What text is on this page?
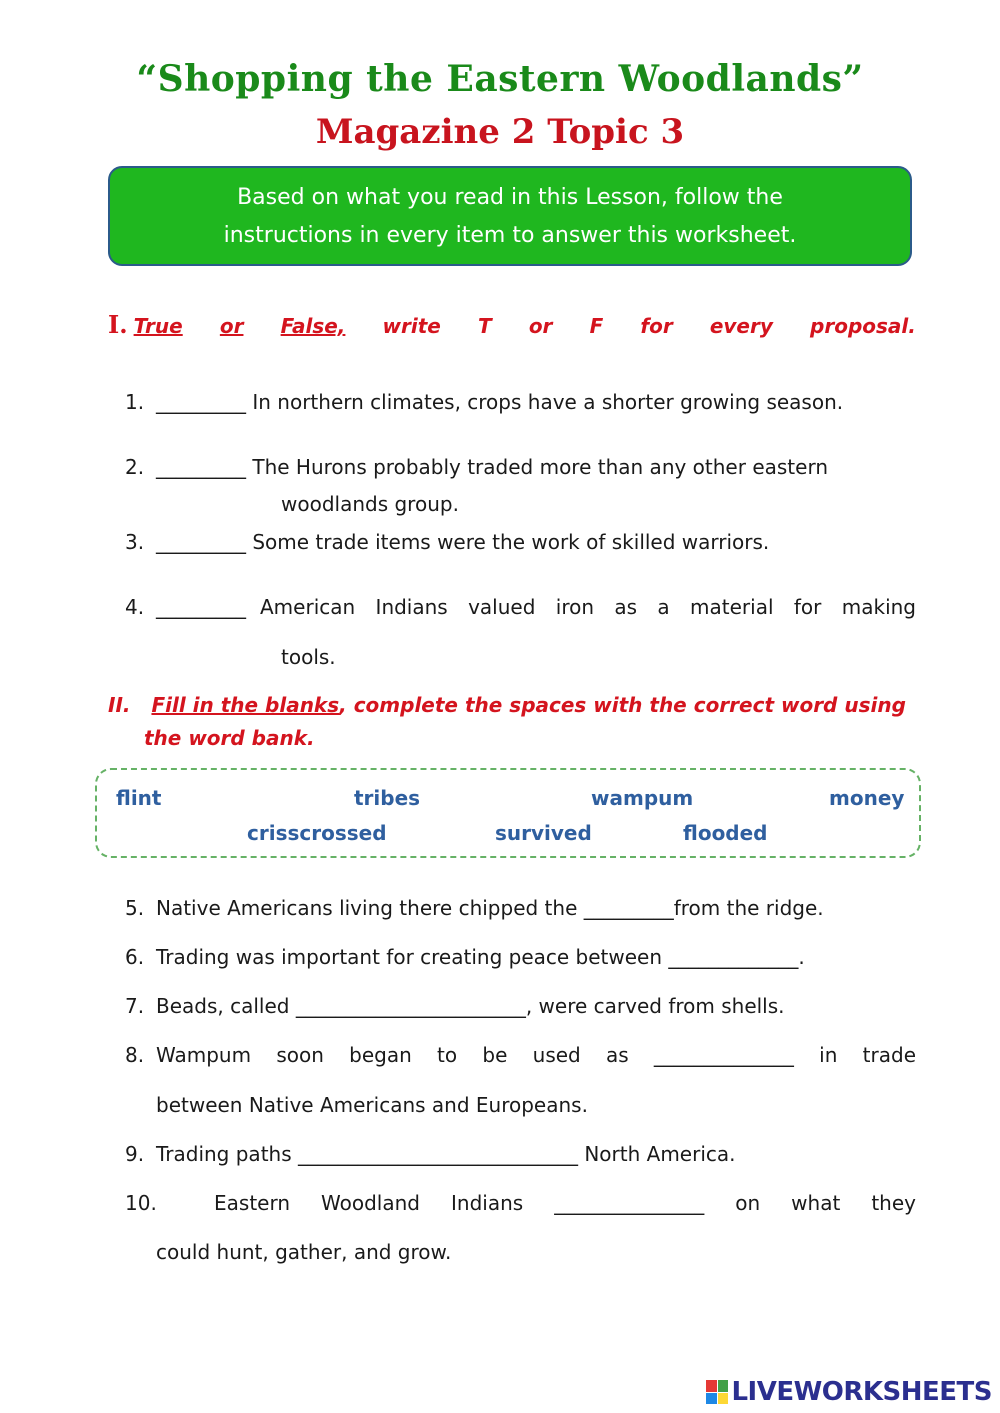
“Shopping the Eastern Woodlands”
Magazine 2 Topic 3
Based on what you read in this Lesson, follow the
instructions in every item to answer this worksheet.
I. True or False, write T or F for every proposal.
1. _________ In northern climates, crops have a shorter growing season.
2. _________ The Hurons probably traded more than any other eastern
woodlands group.
3. _________ Some trade items were the work of skilled warriors.
4. _________ American Indians valued iron as a material for making
tools.
II. Fill in the blanks, complete the spaces with the correct word using
the word bank.
flint	tribes	wampum	money
crisscrossed	survived	flooded
5. Native Americans living there chipped the _________from the ridge.
6. Trading was important for creating peace between _____________.
7. Beads, called _______________________, were carved from shells.
8. Wampum soon began to be used as ______________ in trade
between Native Americans and Europeans.
9. Trading paths ____________________________ North America.
10.	Eastern Woodland Indians _______________ on what they
could hunt, gather, and grow.
LIVEWORKSHEETS
